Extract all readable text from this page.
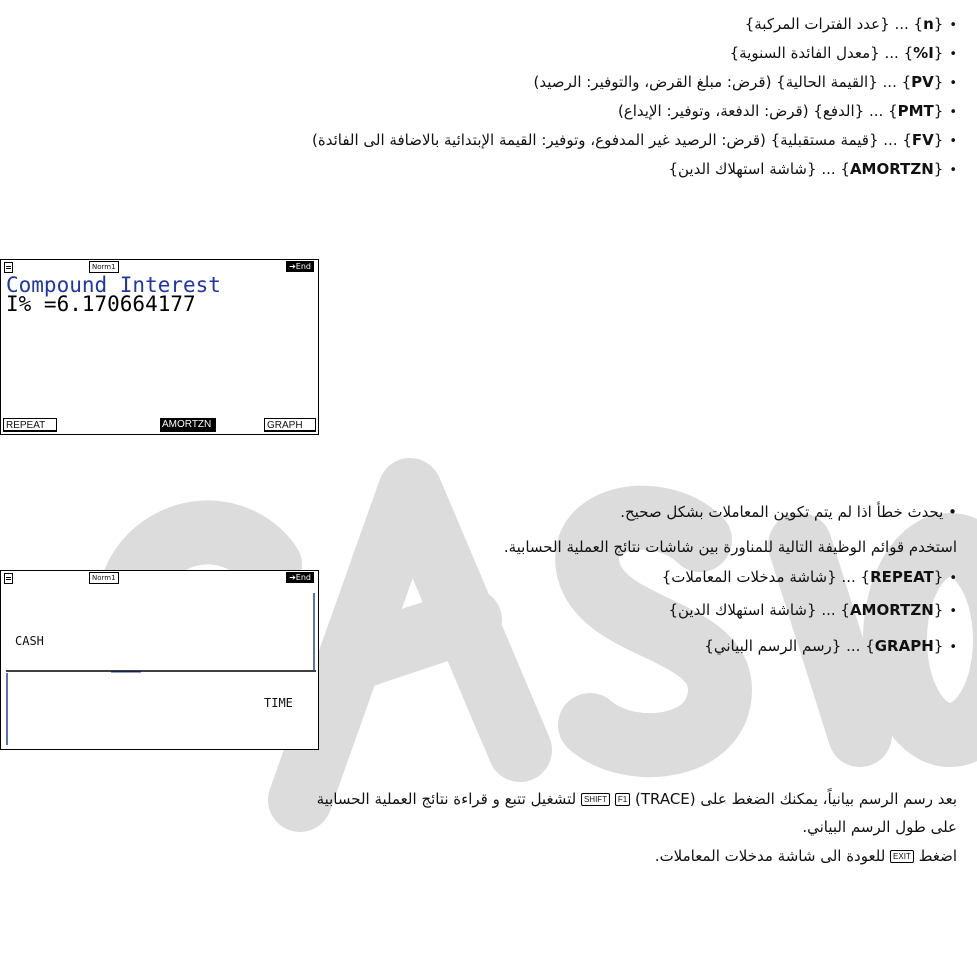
•{n} ... {عدد الفترات المركبة}
•{I%} ... {معدل الفائدة السنوية}
•{PV} ... {القيمة الحالية} (قرض: مبلغ القرض، والتوفير: الرصيد)
•{PMT} ... {الدفع} (قرض: الدفعة، وتوفير: الإيداع)
•{FV} ... {قيمة مستقبلية} (قرض: الرصيد غير المدفوع، وتوفير: القيمة الإبتدائية بالاضافة الى الفائدة)
•{AMORTZN} ... {شاشة استهلاك الدين}
Norm1	➔End
Compound Interest
I% =6.170664177
REPEAT	AMORTZN	GRAPH
• يحدث خطأ اذا لم يتم تكوين المعاملات بشكل صحيح.
استخدم قوائم الوظيفة التالية للمناورة بين شاشات نتائج العملية الحسابية.
•{REPEAT} ... {شاشة مدخلات المعاملات}
•{AMORTZN} ... {شاشة استهلاك الدين}
•{GRAPH} ... {رسم الرسم البياني}
Norm1	➔End
CASH
TIME
بعد رسم الرسم بيانياً، يمكنك الضغط على (TRACE) F1 SHIFT لتشغيل تتبع و قراءة نتائج العملية الحسابية
على طول الرسم البياني.
اضغط EXIT للعودة الى شاشة مدخلات المعاملات.
